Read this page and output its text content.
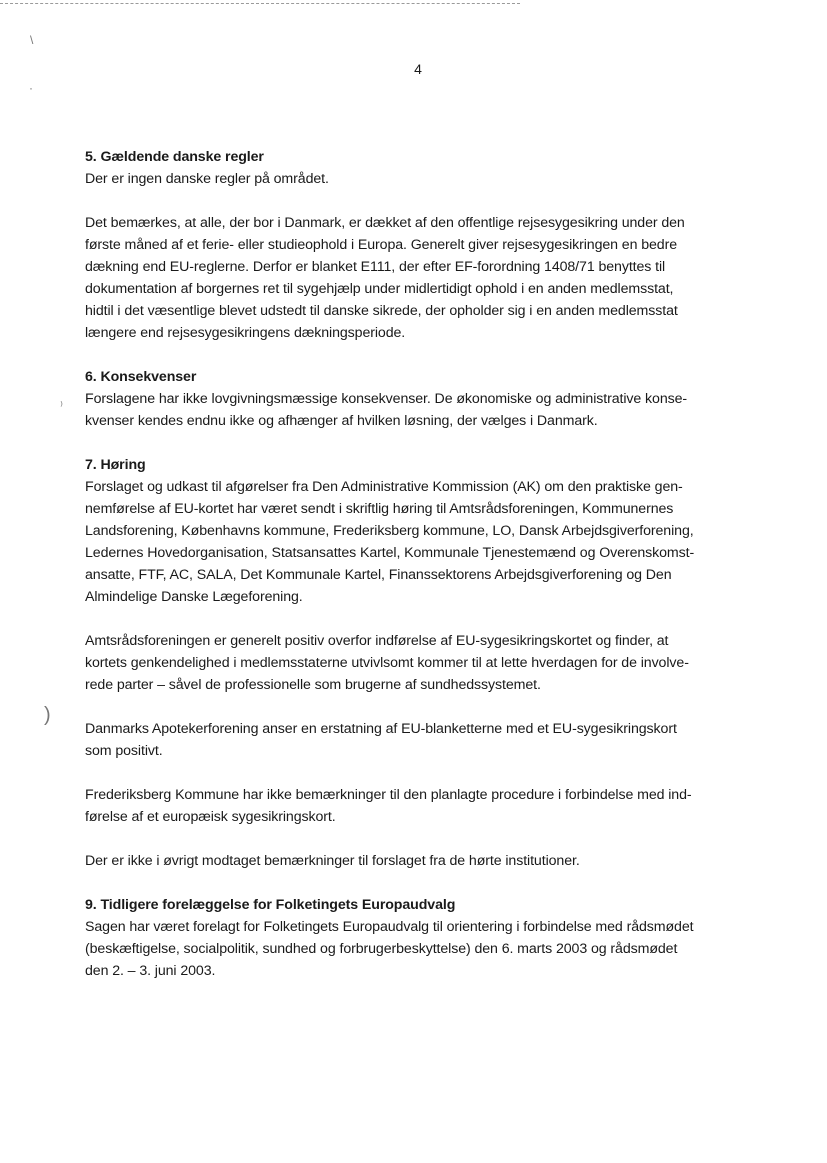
\
·
⁾
)
4

5. Gældende danske regler

Der er ingen danske regler på området.

Det bemærkes, at alle, der bor i Danmark, er dækket af den offentlige rejsesygesikring under den

første måned af et ferie- eller studieophold i Europa. Generelt giver rejsesygesikringen en bedre

dækning end EU-reglerne. Derfor er blanket E111, der efter EF-forordning 1408/71 benyttes til

dokumentation af borgernes ret til sygehjælp under midlertidigt ophold i en anden medlemsstat,

hidtil i det væsentlige blevet udstedt til danske sikrede, der opholder sig i en anden medlemsstat

længere end rejsesygesikringens dækningsperiode.

6. Konsekvenser

Forslagene har ikke lovgivningsmæssige konsekvenser. De økonomiske og administrative konse-

kvenser kendes endnu ikke og afhænger af hvilken løsning, der vælges i Danmark.

7. Høring

Forslaget og udkast til afgørelser fra Den Administrative Kommission (AK) om den praktiske gen-

nemførelse af EU-kortet har været sendt i skriftlig høring til Amtsrådsforeningen, Kommunernes

Landsforening, Københavns kommune, Frederiksberg kommune, LO, Dansk Arbejdsgiverforening,

Ledernes Hovedorganisation, Statsansattes Kartel, Kommunale Tjenestemænd og Overenskomst-

ansatte, FTF, AC, SALA, Det Kommunale Kartel, Finanssektorens Arbejdsgiverforening og Den

Almindelige Danske Lægeforening.

Amtsrådsforeningen er generelt positiv overfor indførelse af EU-sygesikringskortet og finder, at

kortets genkendelighed i medlemsstaterne utvivlsomt kommer til at lette hverdagen for de involve-

rede parter – såvel de professionelle som brugerne af sundhedssystemet.

Danmarks Apotekerforening anser en erstatning af EU-blanketterne med et EU-sygesikringskort

som positivt.

Frederiksberg Kommune har ikke bemærkninger til den planlagte procedure i forbindelse med ind-

førelse af et europæisk sygesikringskort.

Der er ikke i øvrigt modtaget bemærkninger til forslaget fra de hørte institutioner.

9. Tidligere forelæggelse for Folketingets Europaudvalg

Sagen har været forelagt for Folketingets Europaudvalg til orientering i forbindelse med rådsmødet

(beskæftigelse, socialpolitik, sundhed og forbrugerbeskyttelse) den 6. marts 2003 og rådsmødet

den 2. – 3. juni 2003.
